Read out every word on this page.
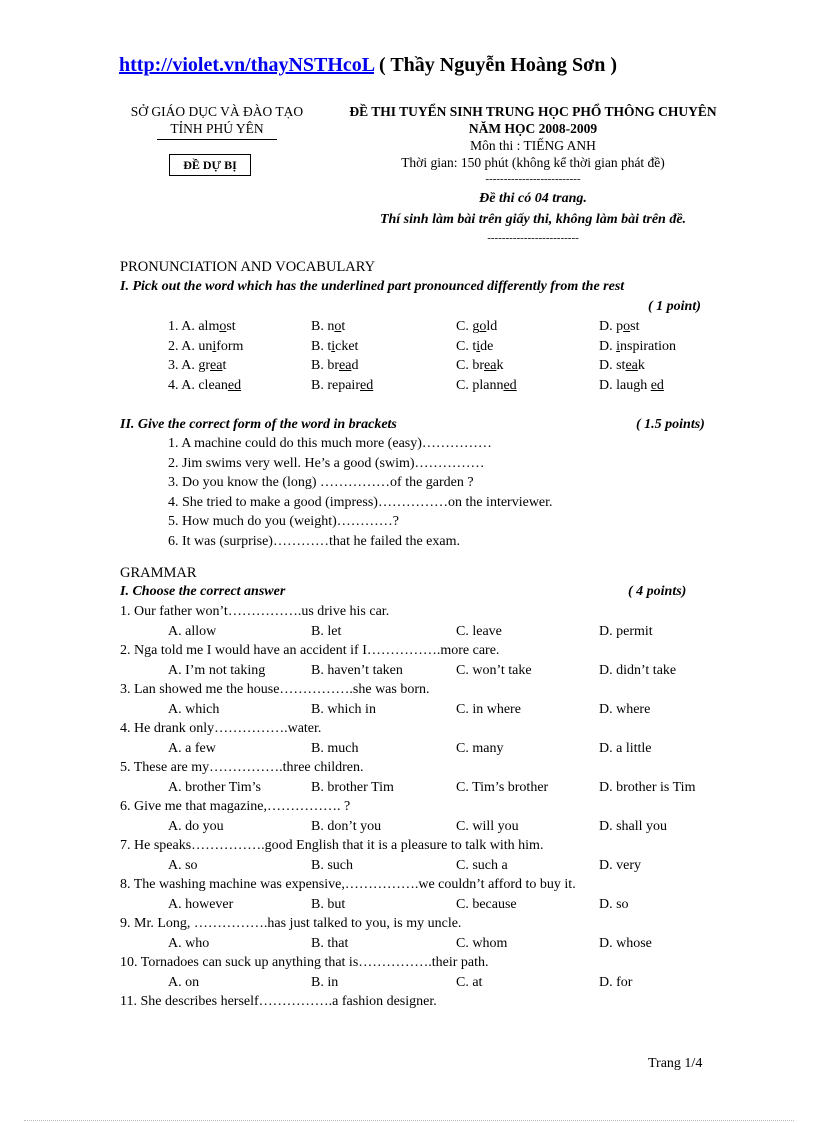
http://violet.vn/thayNSTHcoL ( Thầy Nguyễn Hoàng Sơn )
SỞ GIÁO DỤC VÀ ĐÀO TẠO
TỈNH PHÚ YÊN
ĐỀ DỰ BỊ
ĐỀ THI TUYỂN SINH TRUNG HỌC PHỔ THÔNG CHUYÊN
NĂM HỌC 2008-2009
Môn thi : TIẾNG ANH
Thời gian: 150 phút (không kể thời gian phát đề)
--------------------------
Đề thi có 04 trang.
Thí sinh làm bài trên giấy thi, không làm bài trên đề.
-------------------------
PRONUNCIATION AND VOCABULARY
I. Pick out the word which has the underlined part pronounced differently from the rest
( 1 point)
1. A. almost	B. not	C. gold	D. post
2. A. uniform	B. ticket	C. tide	D. inspiration
3. A. great	B. bread	C. break	D. steak
4. A. cleaned	B. repaired	C. planned	D. laugh ed
II. Give the correct form of the word in brackets	( 1.5 points)
1. A machine could do this much more (easy)……………
2. Jim swims very well. He’s a good (swim)……………
3. Do you know the (long) ……………of the garden ?
4. She tried to make a good (impress)……………on the interviewer.
5. How much do you (weight)…………?
6. It was (surprise)…………that he failed the exam.
GRAMMAR
I. Choose the correct answer	( 4 points)
1. Our father won’t…………….us drive his car.
A. allow	B. let	C. leave	D. permit
2. Nga told me I would have an accident if I…………….more care.
A. I’m not taking	B. haven’t taken	C. won’t take	D. didn’t take
3. Lan showed me the house…………….she was born.
A. which	B. which in	C. in where	D. where
4. He drank only…………….water.
A. a few	B. much	C. many	D. a little
5. These are my…………….three children.
A. brother Tim’s	B. brother Tim	C. Tim’s brother	D. brother is Tim
6. Give me that magazine,……………. ?
A. do you	B. don’t you	C. will you	D. shall you
7. He speaks…………….good English that it is a pleasure to talk with him.
A. so	B. such	C. such a	D. very
8. The washing machine was expensive,…………….we couldn’t afford to buy it.
A. however	B. but	C. because	D. so
9. Mr. Long, …………….has just talked to you, is my uncle.
A. who	B. that	C. whom	D. whose
10. Tornadoes can suck up anything that is…………….their path.
A. on	B. in	C. at	D. for
11. She describes herself…………….a fashion designer.
Trang 1/4
